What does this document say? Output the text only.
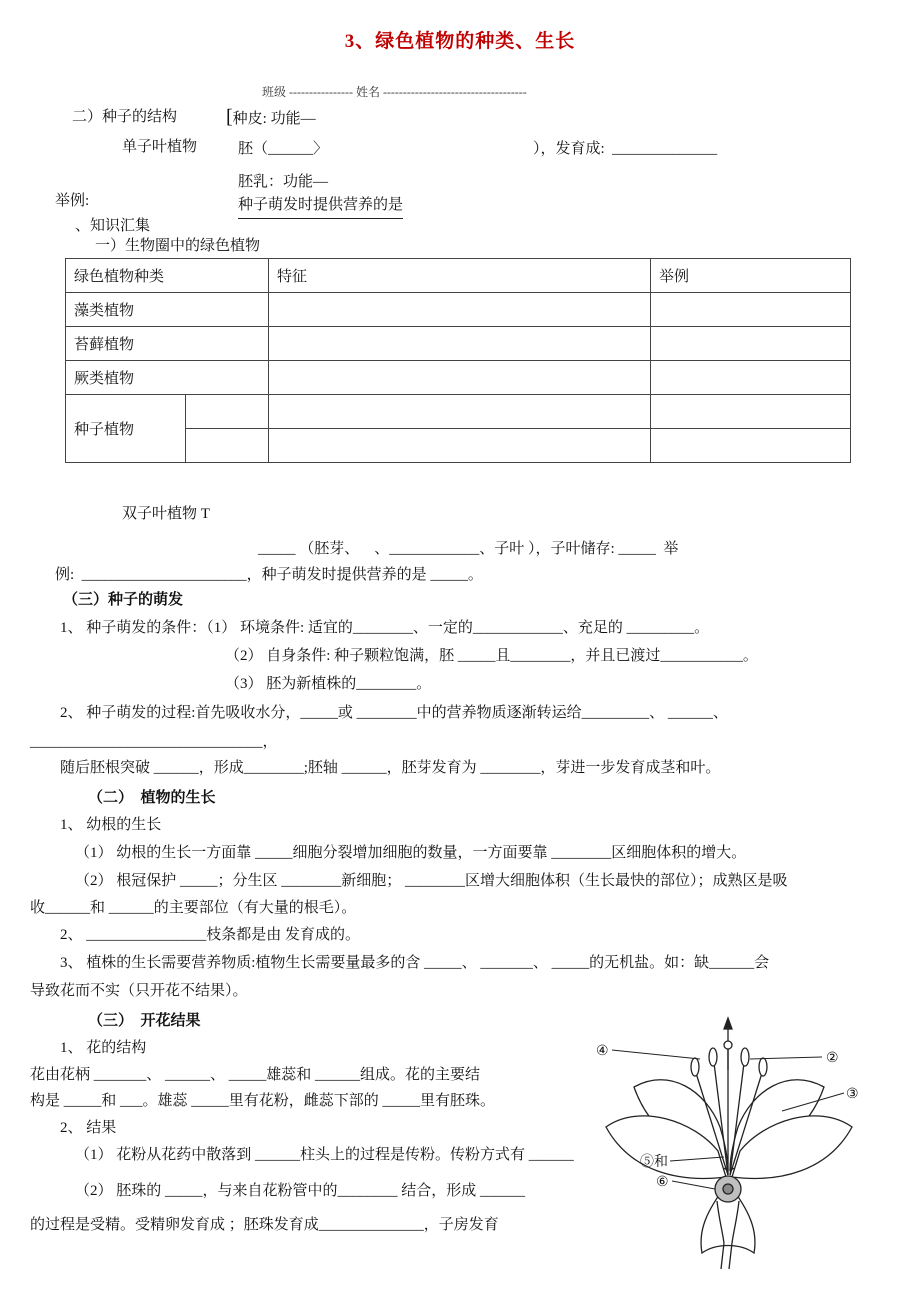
3、绿色植物的种类、生长
班级 ---------------- 姓名 ------------------------------------
二）种子的结构 [种皮: 功能—
单子叶植物	胚（______〉	），发育成:  ______________
胚乳：功能—
举例:	种子萌发时提供营养的是
、知识汇集
一）生物圈中的绿色植物
绿色植物种类		特征	举例
藻类植物			
苔藓植物			
厥类植物			
种子植物			

双子叶植物 T
_____ （胚芽、    、____________、子叶 ），子叶储存: _____  举
例:  ______________________，种子萌发时提供营养的是 _____。
（三）种子的萌发
1、 种子萌发的条件：（1） 环境条件: 适宜的________、一定的____________、充足的 _________。
（2） 自身条件: 种子颗粒饱满，胚 _____且________，并且已渡过___________。
（3） 胚为新植株的________。
2、 种子萌发的过程:首先吸收水分，_____或 ________中的营养物质逐渐转运给_________、 ______、
_______________________________，
随后胚根突破 ______，形成________;胚轴 ______，胚芽发育为 ________，芽进一步发育成茎和叶。
（二）  植物的生长
1、 幼根的生长
（1） 幼根的生长一方面靠 _____细胞分裂增加细胞的数量，一方面要靠 ________区细胞体积的增大。
（2） 根冠保护 _____；分生区 ________新细胞； ________区增大细胞体积（生长最快的部位）；成熟区是吸
收______和 ______的主要部位（有大量的根毛）。
2、 ________________枝条都是由 发育成的。
3、 植株的生长需要营养物质:植物生长需要量最多的含 _____、 _______、 _____的无机盐。如：缺______会
导致花而不实（只开花不结果）。
（三）  开花结果
1、 花的结构
花由花柄 _______、 ______、 _____雄蕊和 ______组成。花的主要结
构是 _____和 ___。雄蕊 _____里有花粉，雌蕊下部的 _____里有胚珠。
2、 结果
（1） 花粉从花药中散落到 ______柱头上的过程是传粉。传粉方式有 ______
（2） 胚珠的 _____，与来自花粉管中的________ 结合，形成 ______
的过程是受精。受精卵发育成 ；胚珠发育成______________，子房发育
④	②
③
⑤和
⑥
